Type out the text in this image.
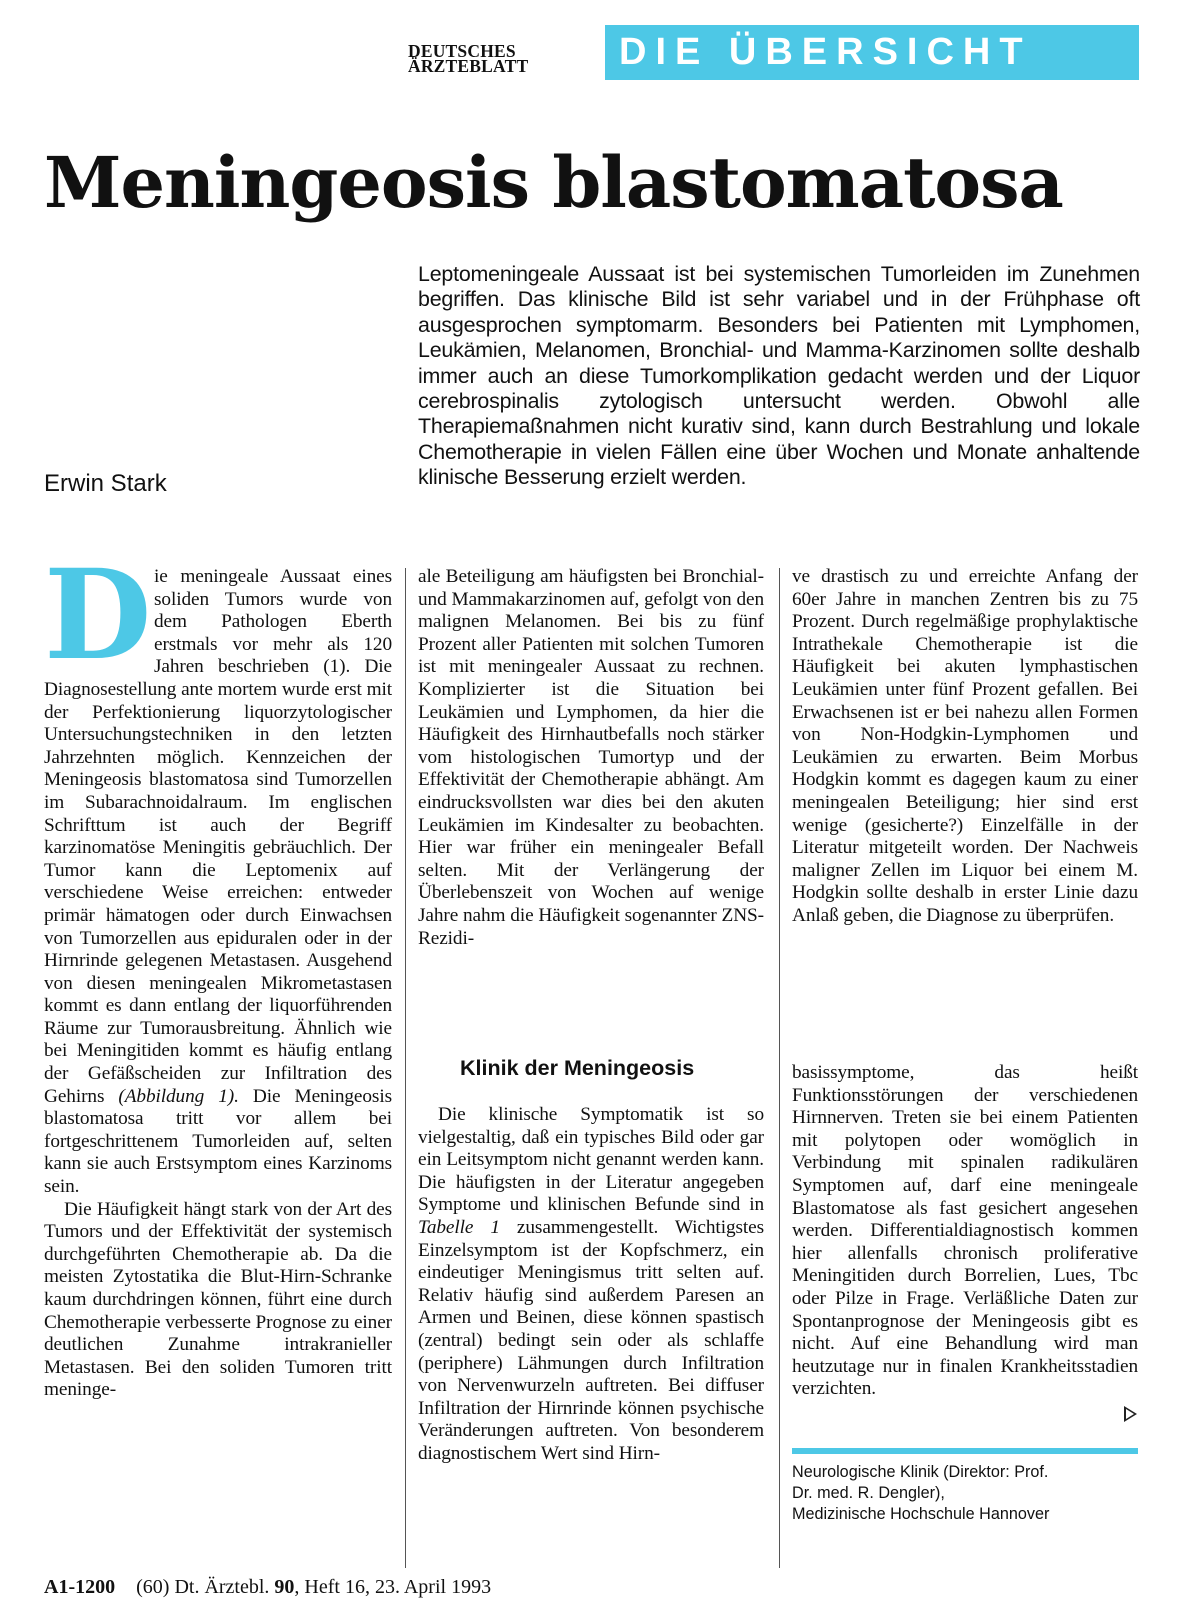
DEUTSCHES
ÄRZTEBLATT	DIE ÜBERSICHT
Meningeosis blastomatosa

Leptomeningeale Aussaat ist bei systemischen Tumorleiden im Zunehmen begriffen. Das klinische Bild ist sehr variabel und in der Frühphase oft ausgesprochen symptomarm. Besonders bei Patienten mit Lymphomen, Leukämien, Melanomen, Bronchial- und Mamma-Karzinomen sollte deshalb immer auch an diese Tumorkomplikation gedacht werden und der Liquor cerebrospinalis zytologisch untersucht werden. Obwohl alle Therapiemaßnahmen nicht kurativ sind, kann durch Bestrahlung und lokale Chemotherapie in vielen Fällen eine über Wochen und Monate anhaltende klinische Besserung erzielt werden.

Erwin Stark

Die meningeale Aussaat eines soliden Tumors wurde von dem Pathologen Eberth erstmals vor mehr als 120 Jahren beschrieben (1). Die Diagnosestellung ante mortem wurde erst mit der Perfektionierung liquorzytologischer Untersuchungstechniken in den letzten Jahrzehnten möglich. Kennzeichen der Meningeosis blastomatosa sind Tumorzellen im Subarachnoidalraum. Im englischen Schrifttum ist auch der Begriff karzinomatöse Meningitis gebräuchlich. Der Tumor kann die Leptomenix auf verschiedene Weise erreichen: entweder primär hämatogen oder durch Einwachsen von Tumorzellen aus epiduralen oder in der Hirnrinde gelegenen Metastasen. Ausgehend von diesen meningealen Mikrometastasen kommt es dann entlang der liquorführenden Räume zur Tumorausbreitung. Ähnlich wie bei Meningitiden kommt es häufig entlang der Gefäßscheiden zur Infiltration des Gehirns (Abbildung 1). Die Meningeosis blastomatosa tritt vor allem bei fortgeschrittenem Tumorleiden auf, selten kann sie auch Erstsymptom eines Karzinoms sein.

Die Häufigkeit hängt stark von der Art des Tumors und der Effektivität der systemisch durchgeführten Chemotherapie ab. Da die meisten Zytostatika die Blut-Hirn-Schranke kaum durchdringen können, führt eine durch Chemotherapie verbesserte Prognose zu einer deutlichen Zunahme intrakranieller Metastasen. Bei den soliden Tumoren tritt meninge-

ale Beteiligung am häufigsten bei Bronchial- und Mammakarzinomen auf, gefolgt von den malignen Melanomen. Bei bis zu fünf Prozent aller Patienten mit solchen Tumoren ist mit meningealer Aussaat zu rechnen. Komplizierter ist die Situation bei Leukämien und Lymphomen, da hier die Häufigkeit des Hirnhautbefalls noch stärker vom histologischen Tumortyp und der Effektivität der Chemotherapie abhängt. Am eindrucksvollsten war dies bei den akuten Leukämien im Kindesalter zu beobachten. Hier war früher ein meningealer Befall selten. Mit der Verlängerung der Überlebenszeit von Wochen auf wenige Jahre nahm die Häufigkeit sogenannter ZNS-Rezidi-

ve drastisch zu und erreichte Anfang der 60er Jahre in manchen Zentren bis zu 75 Prozent. Durch regelmäßige prophylaktische Intrathekale Chemotherapie ist die Häufigkeit bei akuten lymphastischen Leukämien unter fünf Prozent gefallen. Bei Erwachsenen ist er bei nahezu allen Formen von Non-Hodgkin-Lymphomen und Leukämien zu erwarten. Beim Morbus Hodgkin kommt es dagegen kaum zu einer meningealen Beteiligung; hier sind erst wenige (gesicherte?) Einzelfälle in der Literatur mitgeteilt worden. Der Nachweis maligner Zellen im Liquor bei einem M. Hodgkin sollte deshalb in erster Linie dazu Anlaß geben, die Diagnose zu überprüfen.

Klinik der Meningeosis

Die klinische Symptomatik ist so vielgestaltig, daß ein typisches Bild oder gar ein Leitsymptom nicht genannt werden kann. Die häufigsten in der Literatur angegeben Symptome und klinischen Befunde sind in Tabelle 1 zusammengestellt. Wichtigstes Einzelsymptom ist der Kopfschmerz, ein eindeutiger Meningismus tritt selten auf. Relativ häufig sind außerdem Paresen an Armen und Beinen, diese können spastisch (zentral) bedingt sein oder als schlaffe (periphere) Lähmungen durch Infiltration von Nervenwurzeln auftreten. Bei diffuser Infiltration der Hirnrinde können psychische Veränderungen auftreten. Von besonderem diagnostischem Wert sind Hirn-

basissymptome, das heißt Funktionsstörungen der verschiedenen Hirnnerven. Treten sie bei einem Patienten mit polytopen oder womöglich in Verbindung mit spinalen radikulären Symptomen auf, darf eine meningeale Blastomatose als fast gesichert angesehen werden. Differentialdiagnostisch kommen hier allenfalls chronisch proliferative Meningitiden durch Borrelien, Lues, Tbc oder Pilze in Frage. Verläßliche Daten zur Spontanprognose der Meningeosis gibt es nicht. Auf eine Behandlung wird man heutzutage nur in finalen Krankheitsstadien verzichten.

Neurologische Klinik (Direktor: Prof.
Dr. med. R. Dengler),
Medizinische Hochschule Hannover
A1-1200 (60) Dt. Ärztebl. 90, Heft 16, 23. April 1993
